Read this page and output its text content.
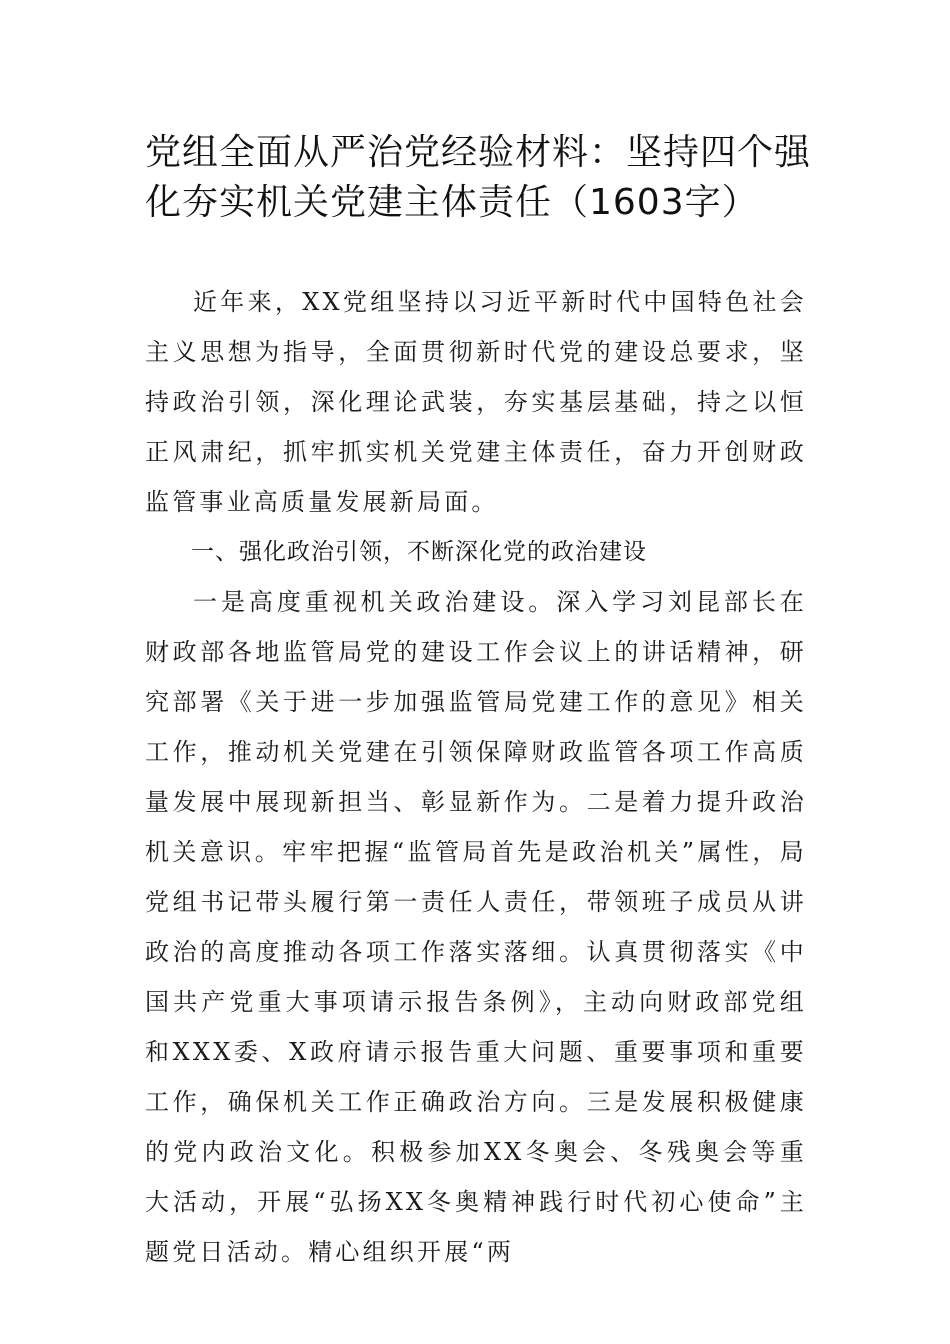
党组全面从严治党经验材料：坚持四个强化夯实机关党建主体责任（1603字）

近年来，XX党组坚持以习近平新时代中国特色社会主义思想为指导，全面贯彻新时代党的建设总要求，坚持政治引领，深化理论武装，夯实基层基础，持之以恒正风肃纪，抓牢抓实机关党建主体责任，奋力开创财政监管事业高质量发展新局面。

一、强化政治引领，不断深化党的政治建设

一是高度重视机关政治建设。深入学习刘昆部长在财政部各地监管局党的建设工作会议上的讲话精神，研究部署《关于进一步加强监管局党建工作的意见》相关工作，推动机关党建在引领保障财政监管各项工作高质量发展中展现新担当、彰显新作为。二是着力提升政治机关意识。牢牢把握“监管局首先是政治机关”属性，局党组书记带头履行第一责任人责任，带领班子成员从讲政治的高度推动各项工作落实落细。认真贯彻落实《中国共产党重大事项请示报告条例》，主动向财政部党组和XXX委、X政府请示报告重大问题、重要事项和重要工作，确保机关工作正确政治方向。三是发展积极健康的党内政治文化。积极参加XX冬奥会、冬残奥会等重大活动，开展“弘扬XX冬奥精神践行时代初心使命”主题党日活动。精心组织开展“两
